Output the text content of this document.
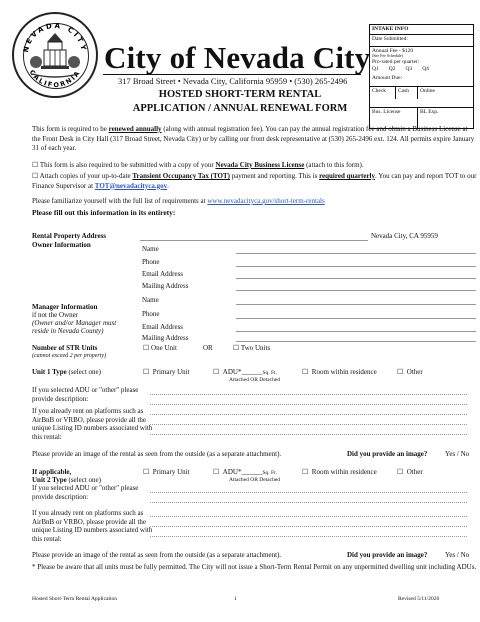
NEVADA CITY
CALIFORNIA City of Nevada City
317 Broad Street • Nevada City, California 95959 • (530) 265-2496
HOSTED SHORT-TERM RENTAL
APPLICATION / ANNUAL RENEWAL FORM
INTAKE INFO
Date Submitted:
Annual Fee - $120
(See Fee Schedule)
Pro-rated per quarter:
Q1 Q2 Q3 Q4
Amount Due:
Check	Cash	Online
Bus. License	BL Exp.
This form is required to be renewed annually (along with annual registration fee). You can pay the annual registration fee and obtain a Business License at the Front Desk in City Hall (317 Broad Street, Nevada City) or by calling our front desk representative at (530) 265-2496 ext. 124. All permits expire January 31 of each year.
☐ This form is also required to be submitted with a copy of your Nevada City Business License (attach to this form).
☐ Attach copies of your up-to-date Transient Occupancy Tax (TOT) payment and reporting. This is required quarterly. You can pay and report TOT to our Finance Supervisor at TOT@nevadacityca.gov.
Please familiarize yourself with the full list of requirements at www.nevadacityca.gov/short-term-rentals
Please fill out this information in its entirety:
Rental Property Address
Owner Information
Nevada City, CA 95959
Name
Phone
Email Address
Mailing Address
Manager Information
if not the Owner
(Owner and/or Manager must
reside in Nevada County)
Name
Phone
Email Address
Mailing Address
Number of STR Units
(cannot exceed 2 per property)
☐ One Unit	OR	☐ Two Units
Unit 1 Type (select one)	☐  Primary Unit	☐  ADU*______Sq. Ft.
Attached OR Detached
☐  Room within residence	☐  Other
If you selected ADU or "other" please provide description:
If you already rent on platforms such as AirBnB or VRBO, please provide all the unique Listing ID numbers associated with this rental:
Please provide an image of the rental as seen from the outside (as a separate attachment).	Did you provide an image?	Yes / No
If applicable,
Unit 2 Type (select one)
☐  Primary Unit	☐  ADU*______Sq. Ft.
Attached OR Detached
☐  Room within residence	☐  Other
If you selected ADU or "other" please provide description:
If you already rent on platforms such as AirBnB or VRBO, please provide all the unique Listing ID numbers associated with this rental:
Please provide an image of the rental as seen from the outside (as a separate attachment).	Did you provide an image?	Yes / No
* Please be aware that all units must be fully permitted. The City will not issue a Short-Term Rental Permit on any unpermitted dwelling unit including ADUs.
Hosted Short-Term Rental Application	1	Revised 5/11/2026
